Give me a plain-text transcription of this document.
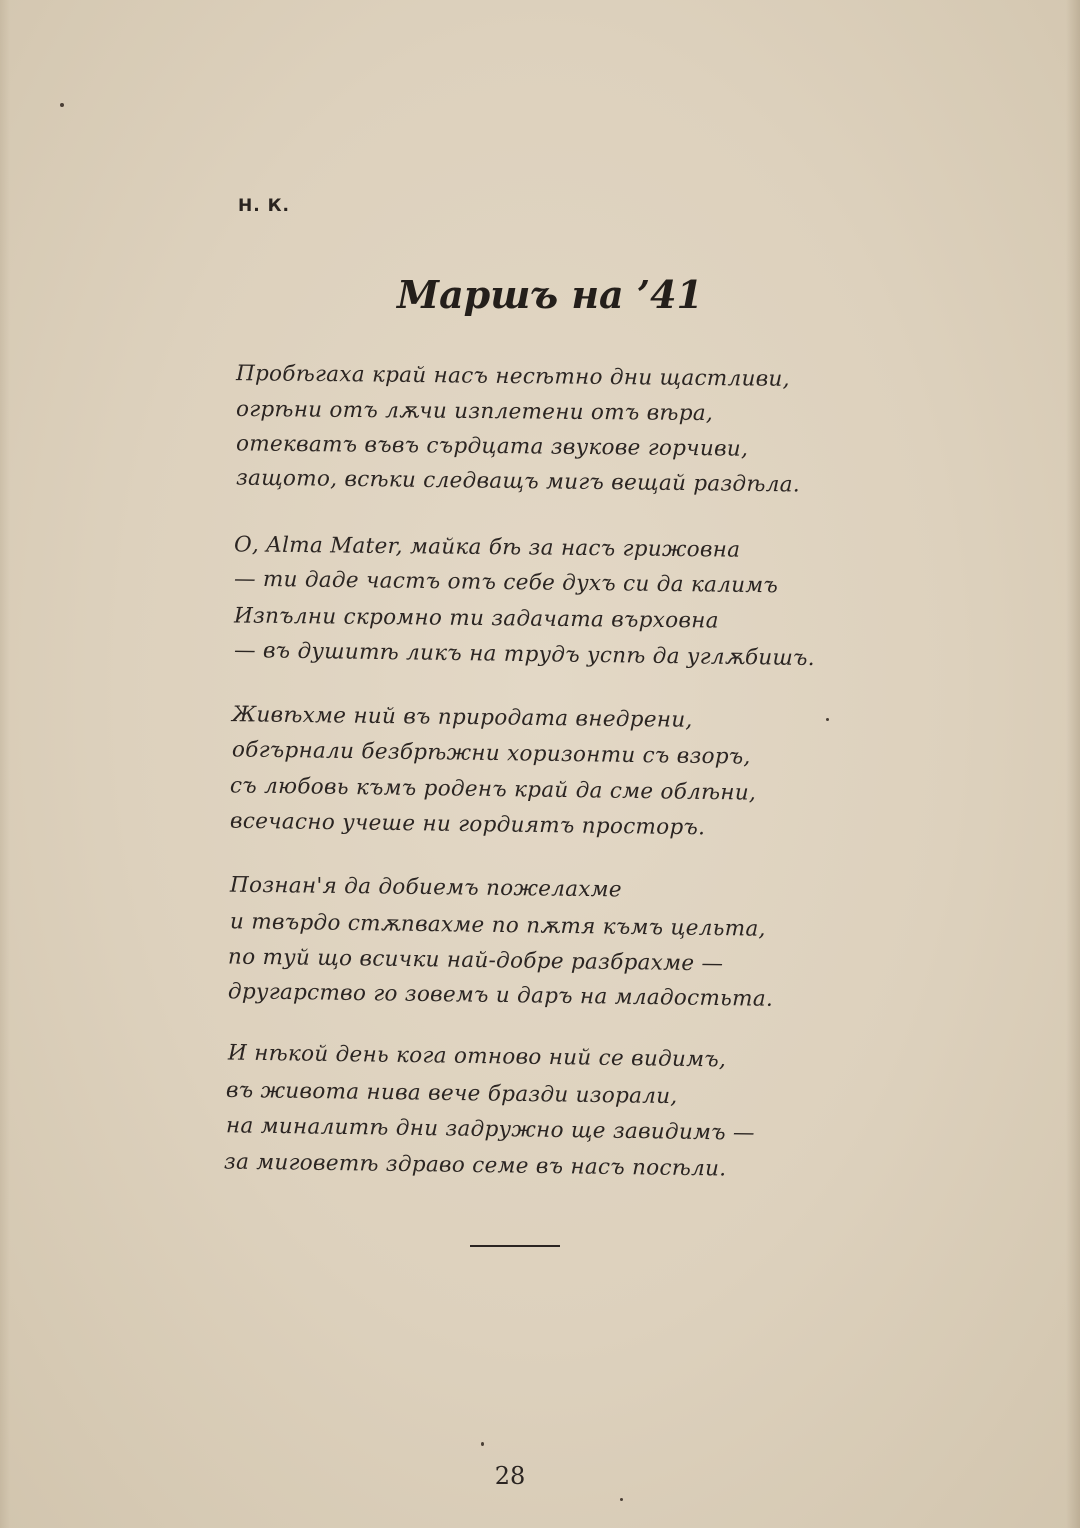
Н. К.
Маршъ на ’41
Пробѣгаха край насъ несѣтно дни щастливи,
огрѣни отъ лѫчи изплетени отъ вѣра,
отекватъ въвъ сърдцата звукове горчиви,
защото, всѣки следващъ мигъ вещай раздѣла.
О, Alma Mater, майка бѣ за насъ грижовна
— ти даде частъ отъ себе духъ си да калимъ
Изпълни скромно ти задачата върховна
— въ душитѣ ликъ на трудъ успѣ да углѫбишъ.
Живѣхме ний въ природата внедрени,
обгърнали безбрѣжни хоризонти съ взоръ,
съ любовь къмъ роденъ край да сме облѣни,
всечасно учеше ни гордиятъ просторъ.
Познан'я да добиемъ пожелахме
и твърдо стѫпвахме по пѫтя къмъ цельта,
по туй що всички най-добре разбрахме —
другарство го зовемъ и даръ на младостьта.
И нѣкой день кога отново ний се видимъ,
въ живота нива вече бразди изорали,
на миналитѣ дни задружно ще завидимъ —
за миговетѣ здраво семе въ насъ посѣли.
28
